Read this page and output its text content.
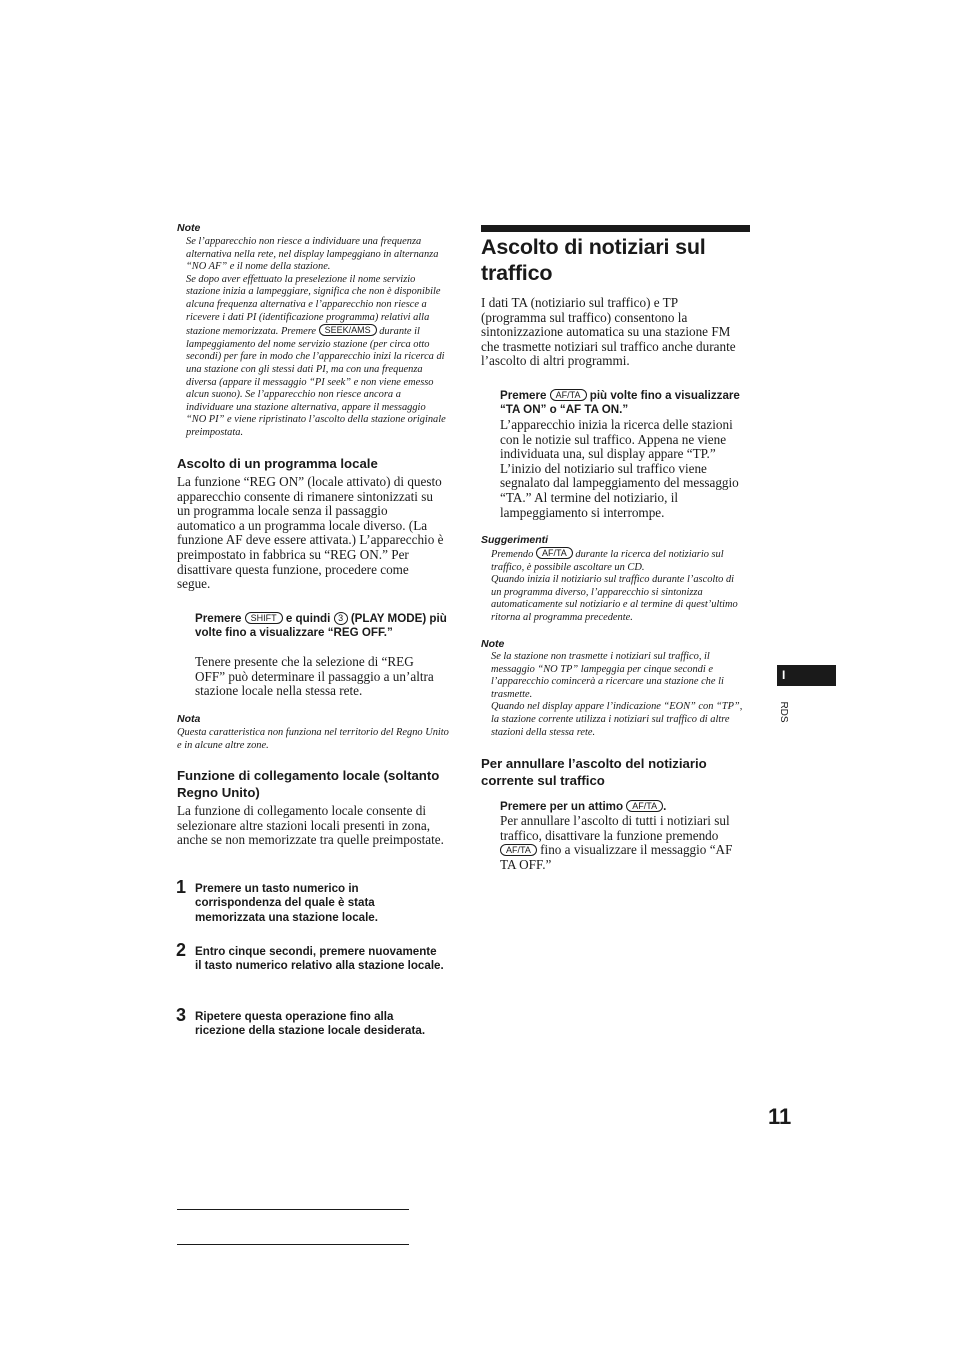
Note

Se l’apparecchio non riesce a individuare una frequenza alternativa nella rete, nel display lampeggiano in alternanza “NO AF” e il nome della stazione.

Se dopo aver effettuato la preselezione il nome servizio stazione inizia a lampeggiare, significa che non è disponibile alcuna frequenza alternativa e l’apparecchio non riesce a ricevere i dati PI (identificazione programma) relativi alla stazione memorizzata. Premere SEEK/AMS durante il lampeggiamento del nome servizio stazione (per circa otto secondi) per fare in modo che l’apparecchio inizi la ricerca di una stazione con gli stessi dati PI, ma con una frequenza diversa (appare il messaggio “PI seek” e non viene emesso alcun suono). Se l’apparecchio non riesce ancora a individuare una stazione alternativa, appare il messaggio “NO PI” e viene ripristinato l’ascolto della stazione originale preimpostata.

Ascolto di un programma locale

La funzione “REG ON” (locale attivato) di questo apparecchio consente di rimanere sintonizzati su un programma locale senza il passaggio automatico a un programma locale diverso. (La funzione AF deve essere attivata.) L’apparecchio è preimpostato in fabbrica su “REG ON.” Per disattivare questa funzione, procedere come segue.

Premere SHIFT e quindi 3 (PLAY MODE) più volte fino a visualizzare “REG OFF.”

Tenere presente che la selezione di “REG OFF” può determinare il passaggio a un’altra stazione locale nella stessa rete.

Nota

Questa caratteristica non funziona nel territorio del Regno Unito e in alcune altre zone.

Funzione di collegamento locale (soltanto Regno Unito)

La funzione di collegamento locale consente di selezionare altre stazioni locali presenti in zona, anche se non memorizzate tra quelle preimpostate.

1 Premere un tasto numerico in corrispondenza del quale è stata memorizzata una stazione locale.

2 Entro cinque secondi, premere nuovamente il tasto numerico relativo alla stazione locale.

3 Ripetere questa operazione fino alla ricezione della stazione locale desiderata.

Ascolto di notiziari sul traffico

I dati TA (notiziario sul traffico) e TP (programma sul traffico) consentono la sintonizzazione automatica su una stazione FM che trasmette notiziari sul traffico anche durante l’ascolto di altri programmi.

Premere AF/TA più volte fino a visualizzare “TA ON” o “AF TA ON.”

L’apparecchio inizia la ricerca delle stazioni con le notizie sul traffico. Appena ne viene individuata una, sul display appare “TP.” L’inizio del notiziario sul traffico viene segnalato dal lampeggiamento del messaggio “TA.” Al termine del notiziario, il lampeggiamento si interrompe.

Suggerimenti

Premendo AF/TA durante la ricerca del notiziario sul traffico, è possibile ascoltare un CD.

Quando inizia il notiziario sul traffico durante l’ascolto di un programma diverso, l’apparecchio si sintonizza automaticamente sul notiziario e al termine di quest’ultimo ritorna al programma precedente.

Note

Se la stazione non trasmette i notiziari sul traffico, il messaggio “NO TP” lampeggia per cinque secondi e l’apparecchio comincerà a ricercare una stazione che li trasmette.

Quando nel display appare l’indicazione “EON” con “TP”, la stazione corrente utilizza i notiziari sul traffico di altre stazioni della stessa rete.

Per annullare l’ascolto del notiziario corrente sul traffico

Premere per un attimo AF/TA .

Per annullare l’ascolto di tutti i notiziari sul traffico, disattivare la funzione premendo AF/TA fino a visualizzare il messaggio “AF TA OFF.”

I
RDS
11
